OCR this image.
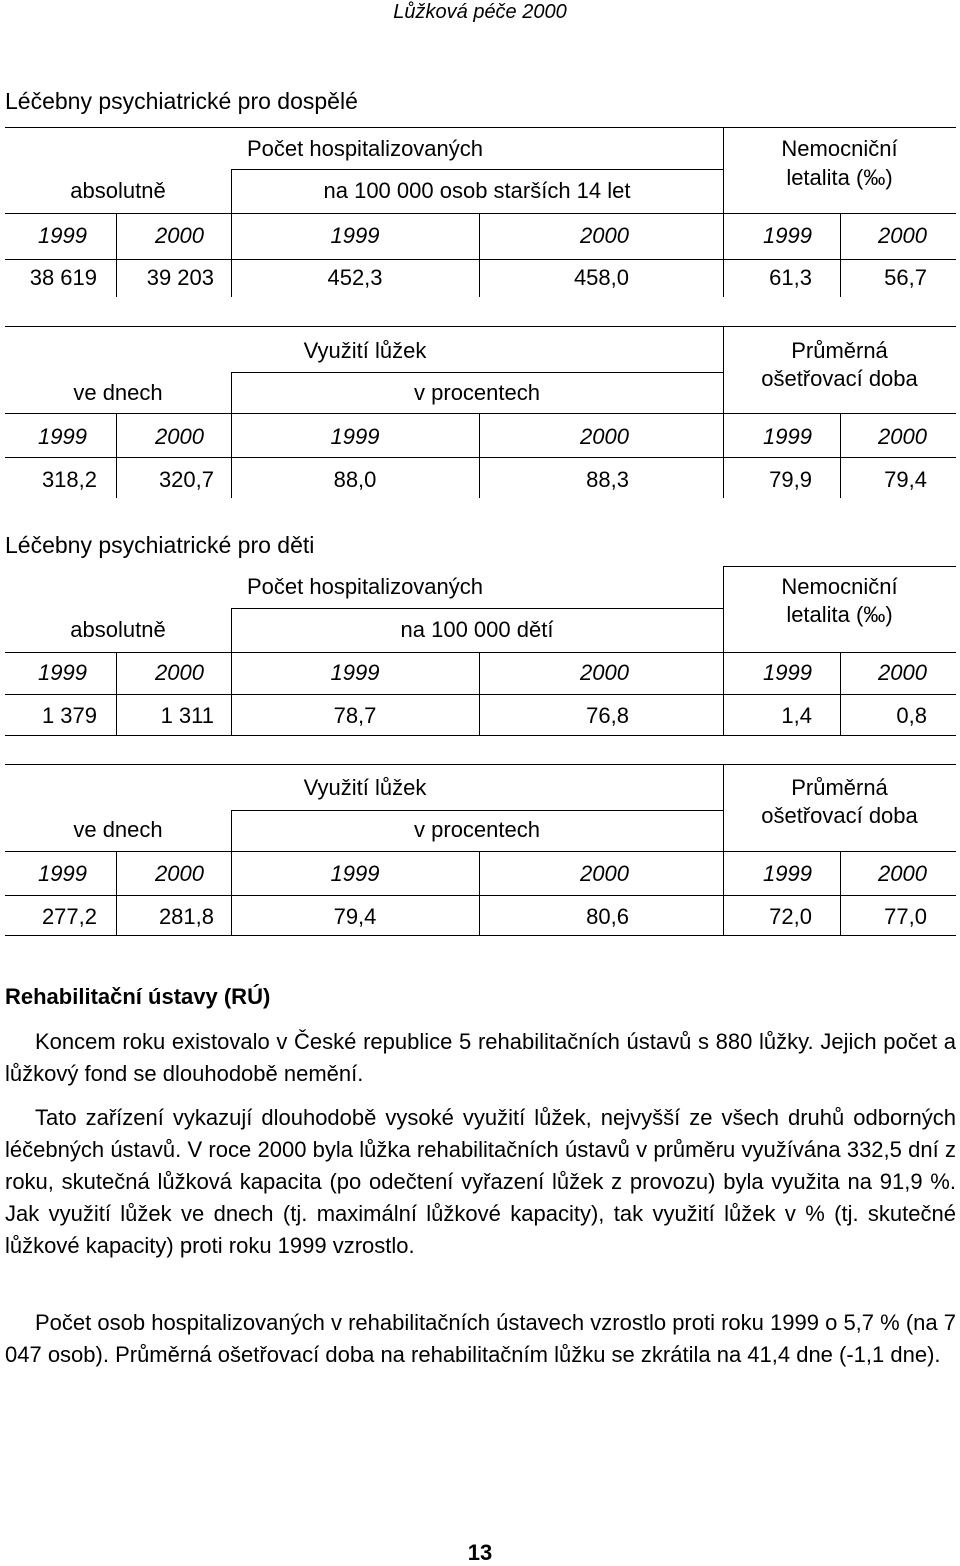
Lůžková péče 2000
Léčebny psychiatrické pro dospělé
Počet hospitalizovaných
absolutně	na 100 000 osob starších 14 let
Nemocniční
letalita (‰)
1999	2000	1999	2000	1999	2000
38 619	39 203	452,3	458,0	61,3	56,7
Využití lůžek
ve dnech	v procentech
Průměrná
ošetřovací doba
1999	2000	1999	2000	1999	2000
318,2	320,7	88,0	88,3	79,9	79,4
Léčebny psychiatrické pro děti
Počet hospitalizovaných
absolutně	na 100 000 dětí
Nemocniční
letalita (‰)
1999	2000	1999	2000	1999	2000
1 379	1 311	78,7	76,8	1,4	0,8
Využití lůžek
ve dnech	v procentech
Průměrná
ošetřovací doba
1999	2000	1999	2000	1999	2000
277,2	281,8	79,4	80,6	72,0	77,0
Rehabilitační ústavy (RÚ)

Koncem roku existovalo v České republice 5 rehabilitačních ústavů s 880 lůžky. Jejich počet a lůžkový fond se dlouhodobě nemění.

Tato zařízení vykazují dlouhodobě vysoké využití lůžek, nejvyšší ze všech druhů odborných léčebných ústavů. V roce 2000 byla lůžka rehabilitačních ústavů v průměru využívána 332,5 dní z roku, skutečná lůžková kapacita (po odečtení vyřazení lůžek z provozu) byla využita na 91,9 %. Jak využití lůžek ve dnech (tj. maximální lůžkové kapacity), tak využití lůžek v % (tj. skutečné lůžkové kapacity) proti roku 1999 vzrostlo.

Počet osob hospitalizovaných v rehabilitačních ústavech vzrostlo proti roku 1999 o 5,7 % (na 7 047 osob). Průměrná ošetřovací doba na rehabilitačním lůžku se zkrátila na 41,4 dne (-1,1 dne).

13
